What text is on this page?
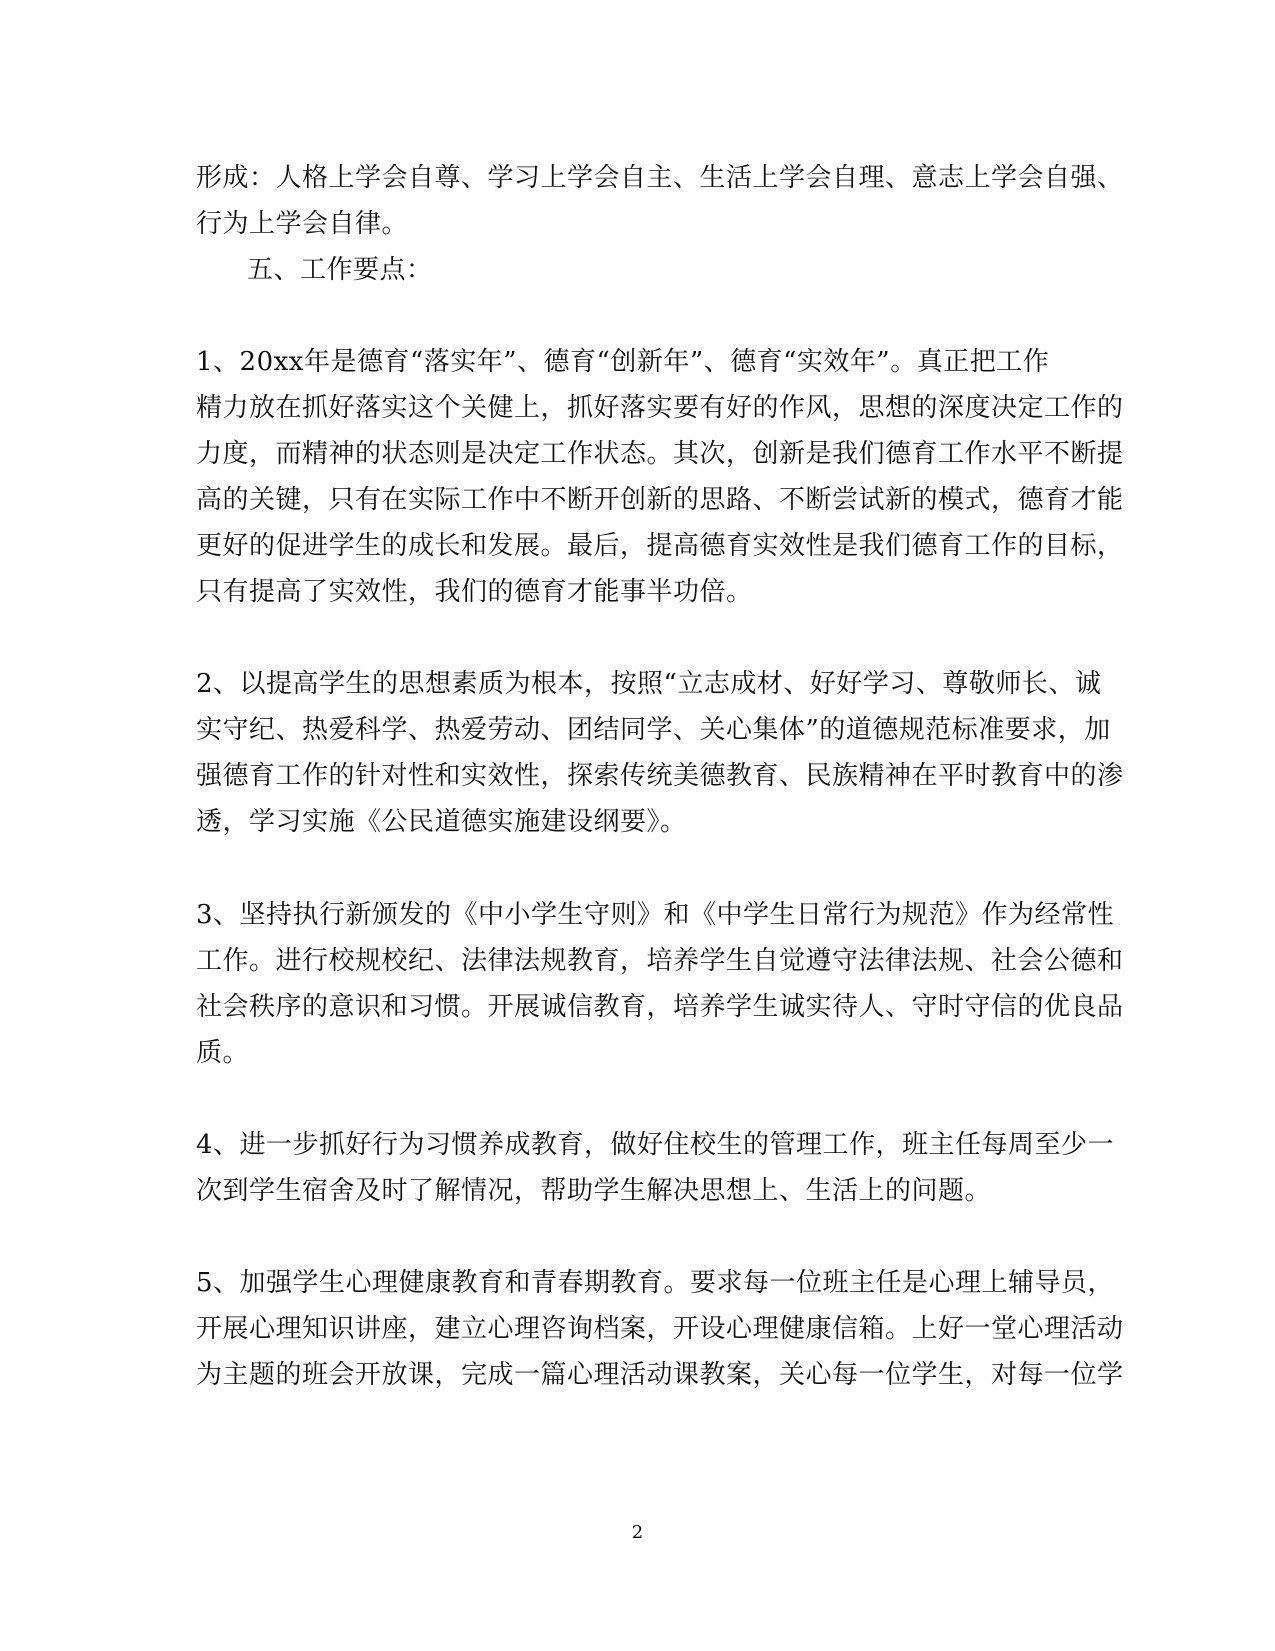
形成：人格上学会自尊、学习上学会自主、生活上学会自理、意志上学会自强、
行为上学会自律。
五、工作要点：
1、20xx年是德育“落实年”、德育“创新年”、德育“实效年”。真正把工作
精力放在抓好落实这个关健上，抓好落实要有好的作风，思想的深度决定工作的
力度，而精神的状态则是决定工作状态。其次，创新是我们德育工作水平不断提
高的关键，只有在实际工作中不断开创新的思路、不断尝试新的模式，德育才能
更好的促进学生的成长和发展。最后，提高德育实效性是我们德育工作的目标，
只有提高了实效性，我们的德育才能事半功倍。
2、以提高学生的思想素质为根本，按照“立志成材、好好学习、尊敬师长、诚
实守纪、热爱科学、热爱劳动、团结同学、关心集体”的道德规范标准要求，加
强德育工作的针对性和实效性，探索传统美德教育、民族精神在平时教育中的渗
透，学习实施《公民道德实施建设纲要》。
3、坚持执行新颁发的《中小学生守则》和《中学生日常行为规范》作为经常性
工作。进行校规校纪、法律法规教育，培养学生自觉遵守法律法规、社会公德和
社会秩序的意识和习惯。开展诚信教育，培养学生诚实待人、守时守信的优良品
质。
4、进一步抓好行为习惯养成教育，做好住校生的管理工作，班主任每周至少一
次到学生宿舍及时了解情况，帮助学生解决思想上、生活上的问题。
5、加强学生心理健康教育和青春期教育。要求每一位班主任是心理上辅导员，
开展心理知识讲座，建立心理咨询档案，开设心理健康信箱。上好一堂心理活动
为主题的班会开放课，完成一篇心理活动课教案，关心每一位学生，对每一位学
2
